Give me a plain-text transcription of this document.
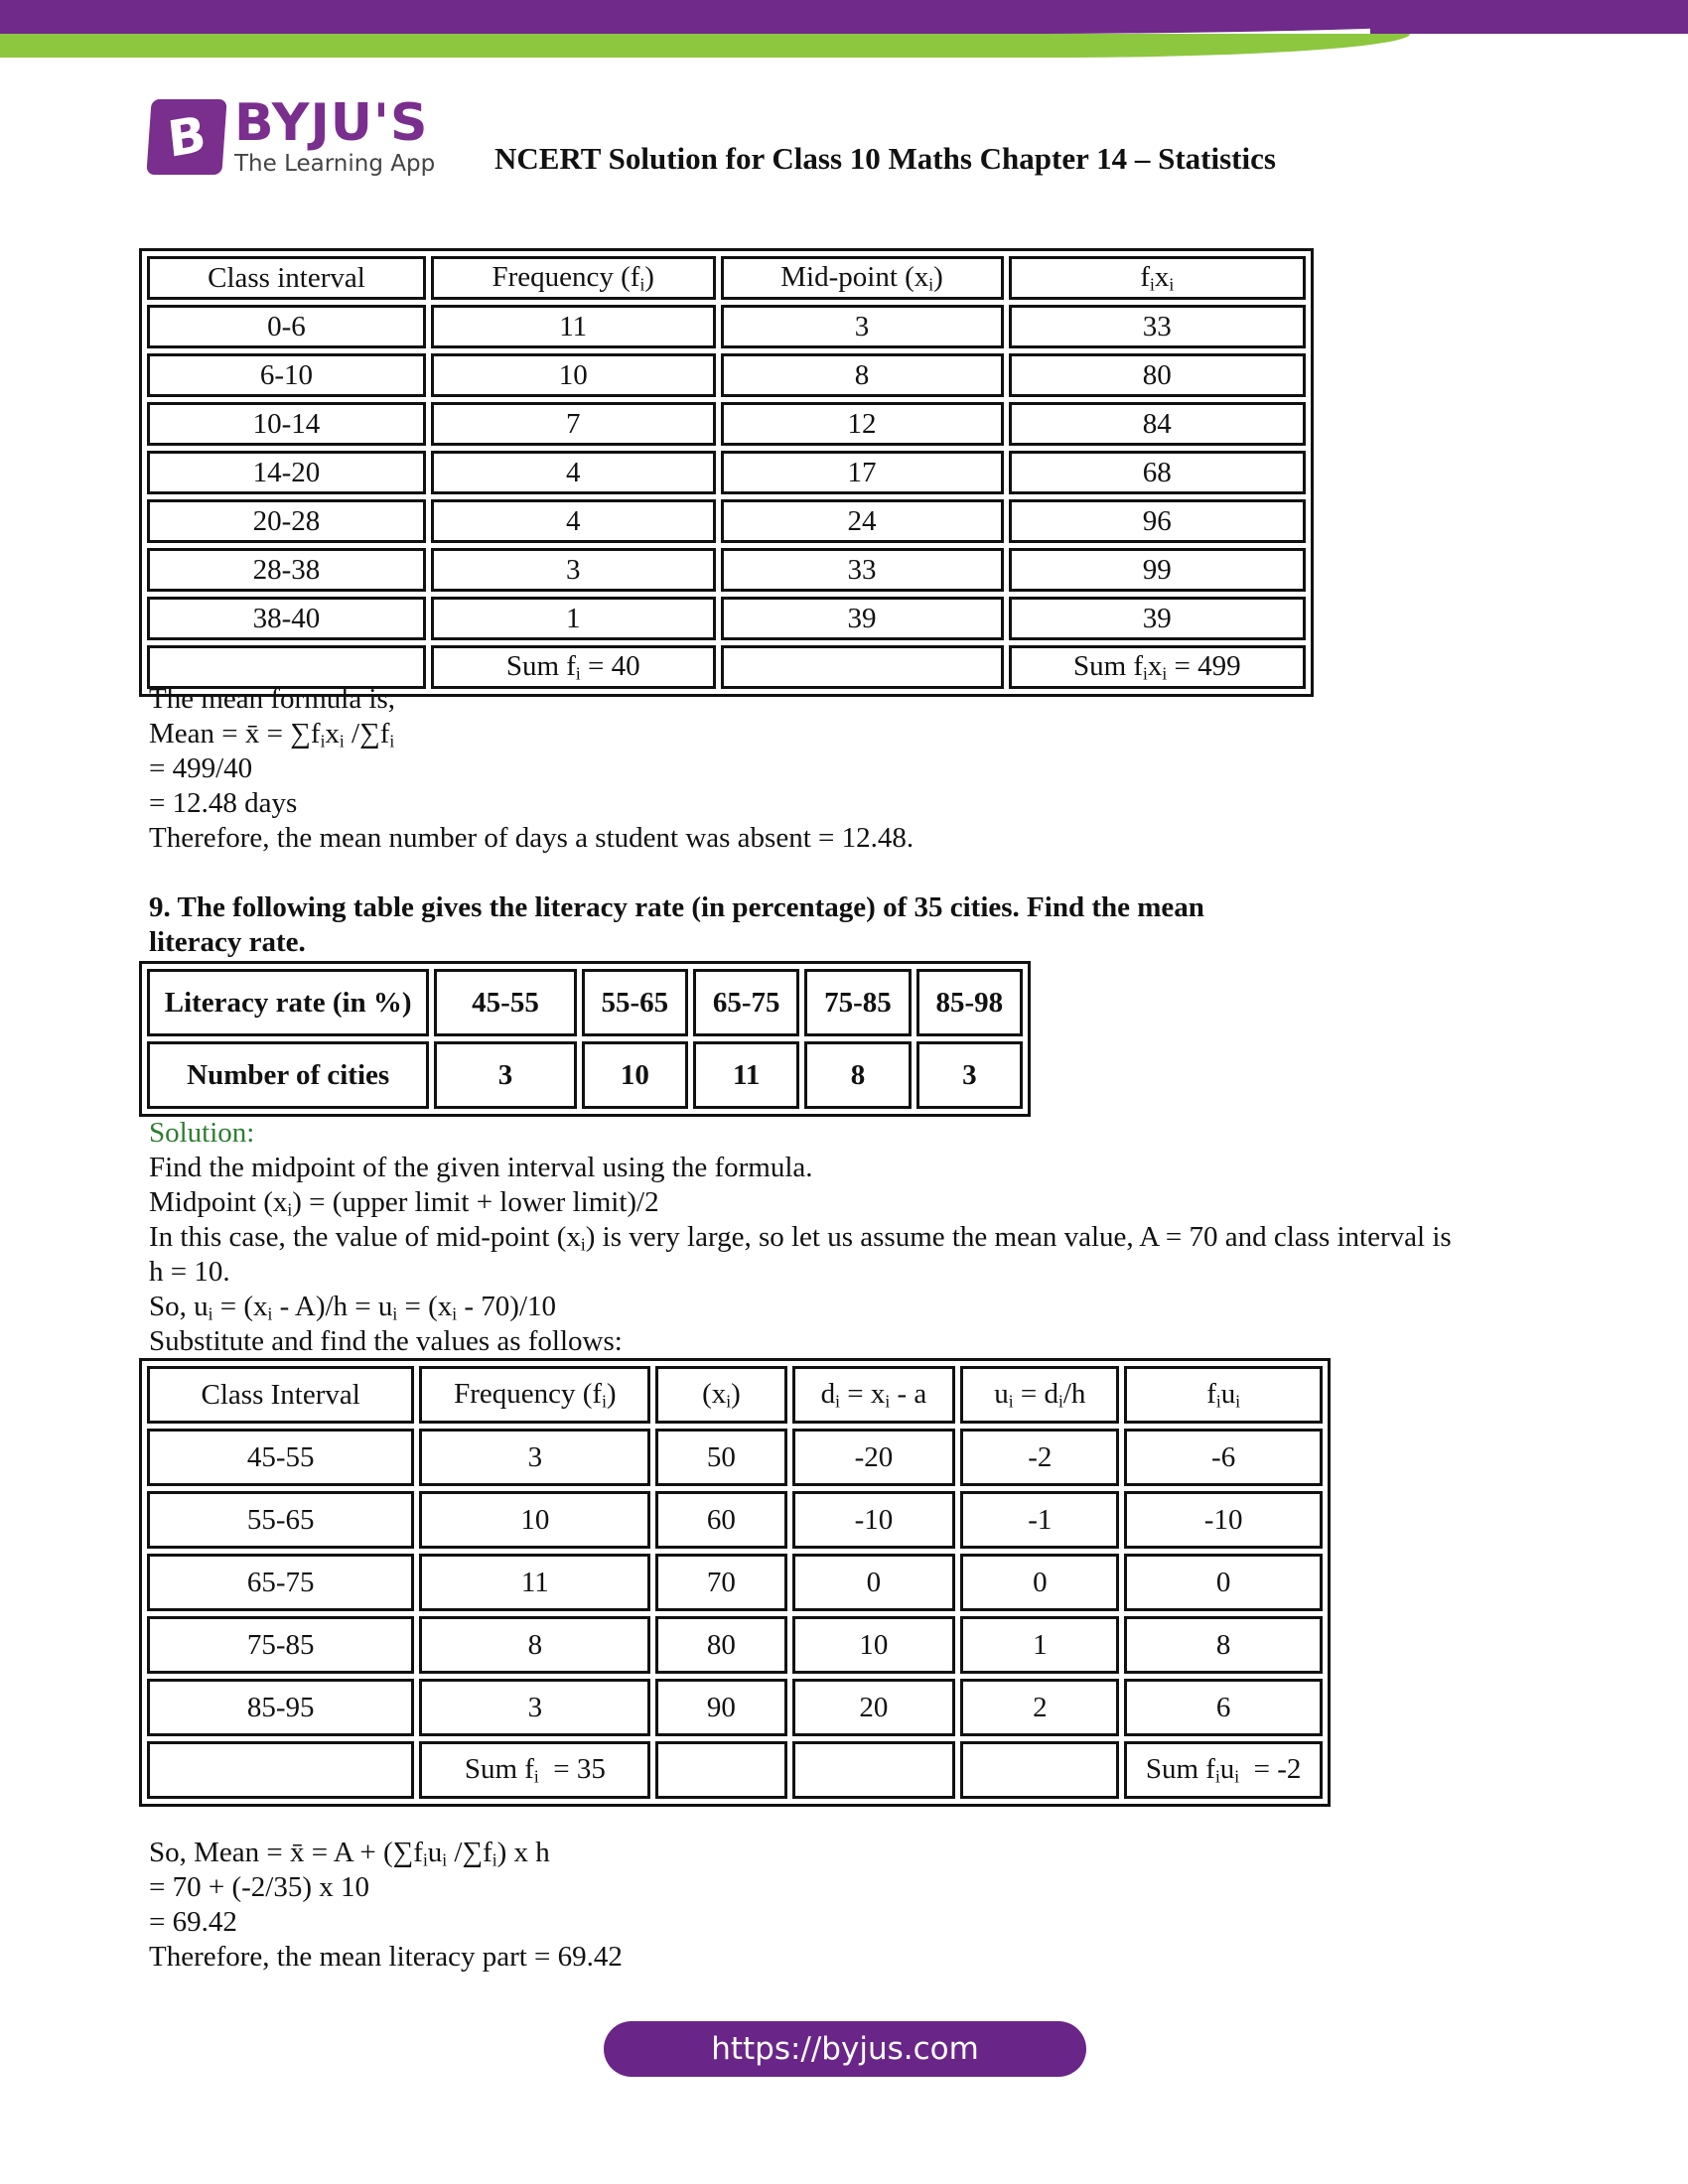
B BYJU'S
The Learning App NCERT Solution for Class 10 Maths Chapter 14 – Statistics
Class interval	Frequency $(f_i)$	Mid-point $(x_i)$	$f_ix_i$
0-6	11	3	33
6-10	10	8	80
10-14	7	12	84
14-20	4	17	68
20-28	4	24	96
28-38	3	33	99
38-40	1	39	39
	Sum $f_i = 40$		Sum $f_ix_i = 499$
The mean formula is,
Mean = x̄ = $\sum f_ix_i$ $/\sum f_i$
= 499/40
= 12.48 days
Therefore, the mean number of days a student was absent = 12.48.
9. The following table gives the literacy rate (in percentage) of 35 cities. Find the mean
literacy rate.
Literacy rate (in %)	45-55	55-65	65-75	75-85	85-98
Number of cities	3	10	11	8	3
Solution:
Find the midpoint of the given interval using the formula.
Midpoint $(x_i)$ = (upper limit + lower limit)/2
In this case, the value of mid-point $(x_i)$ is very large, so let us assume the mean value, A = 70 and class interval is
h = 10.
So, $u_i = (x_i - A)/h = u_i = (x_i - 70)/10$
Substitute and find the values as follows:
Class Interval	Frequency $(f_i)$	$(x_i)$	$d_i = x_i - a$	$u_i = d_i/h$	$f_iu_i$
45-55	3	50	-20	-2	-6
55-65	10	60	-10	-1	-10
65-75	11	70	0	0	0
75-85	8	80	10	1	8
85-95	3	90	20	2	6
	Sum $f_i = 35$				Sum $f_iu_i = -2$
So, Mean = x̄ = $A + (\sum f_iu_i$ $/\sum f_i$) x h
= 70 + (-2/35) x 10
= 69.42
Therefore, the mean literacy part = 69.42
https://byjus.com
